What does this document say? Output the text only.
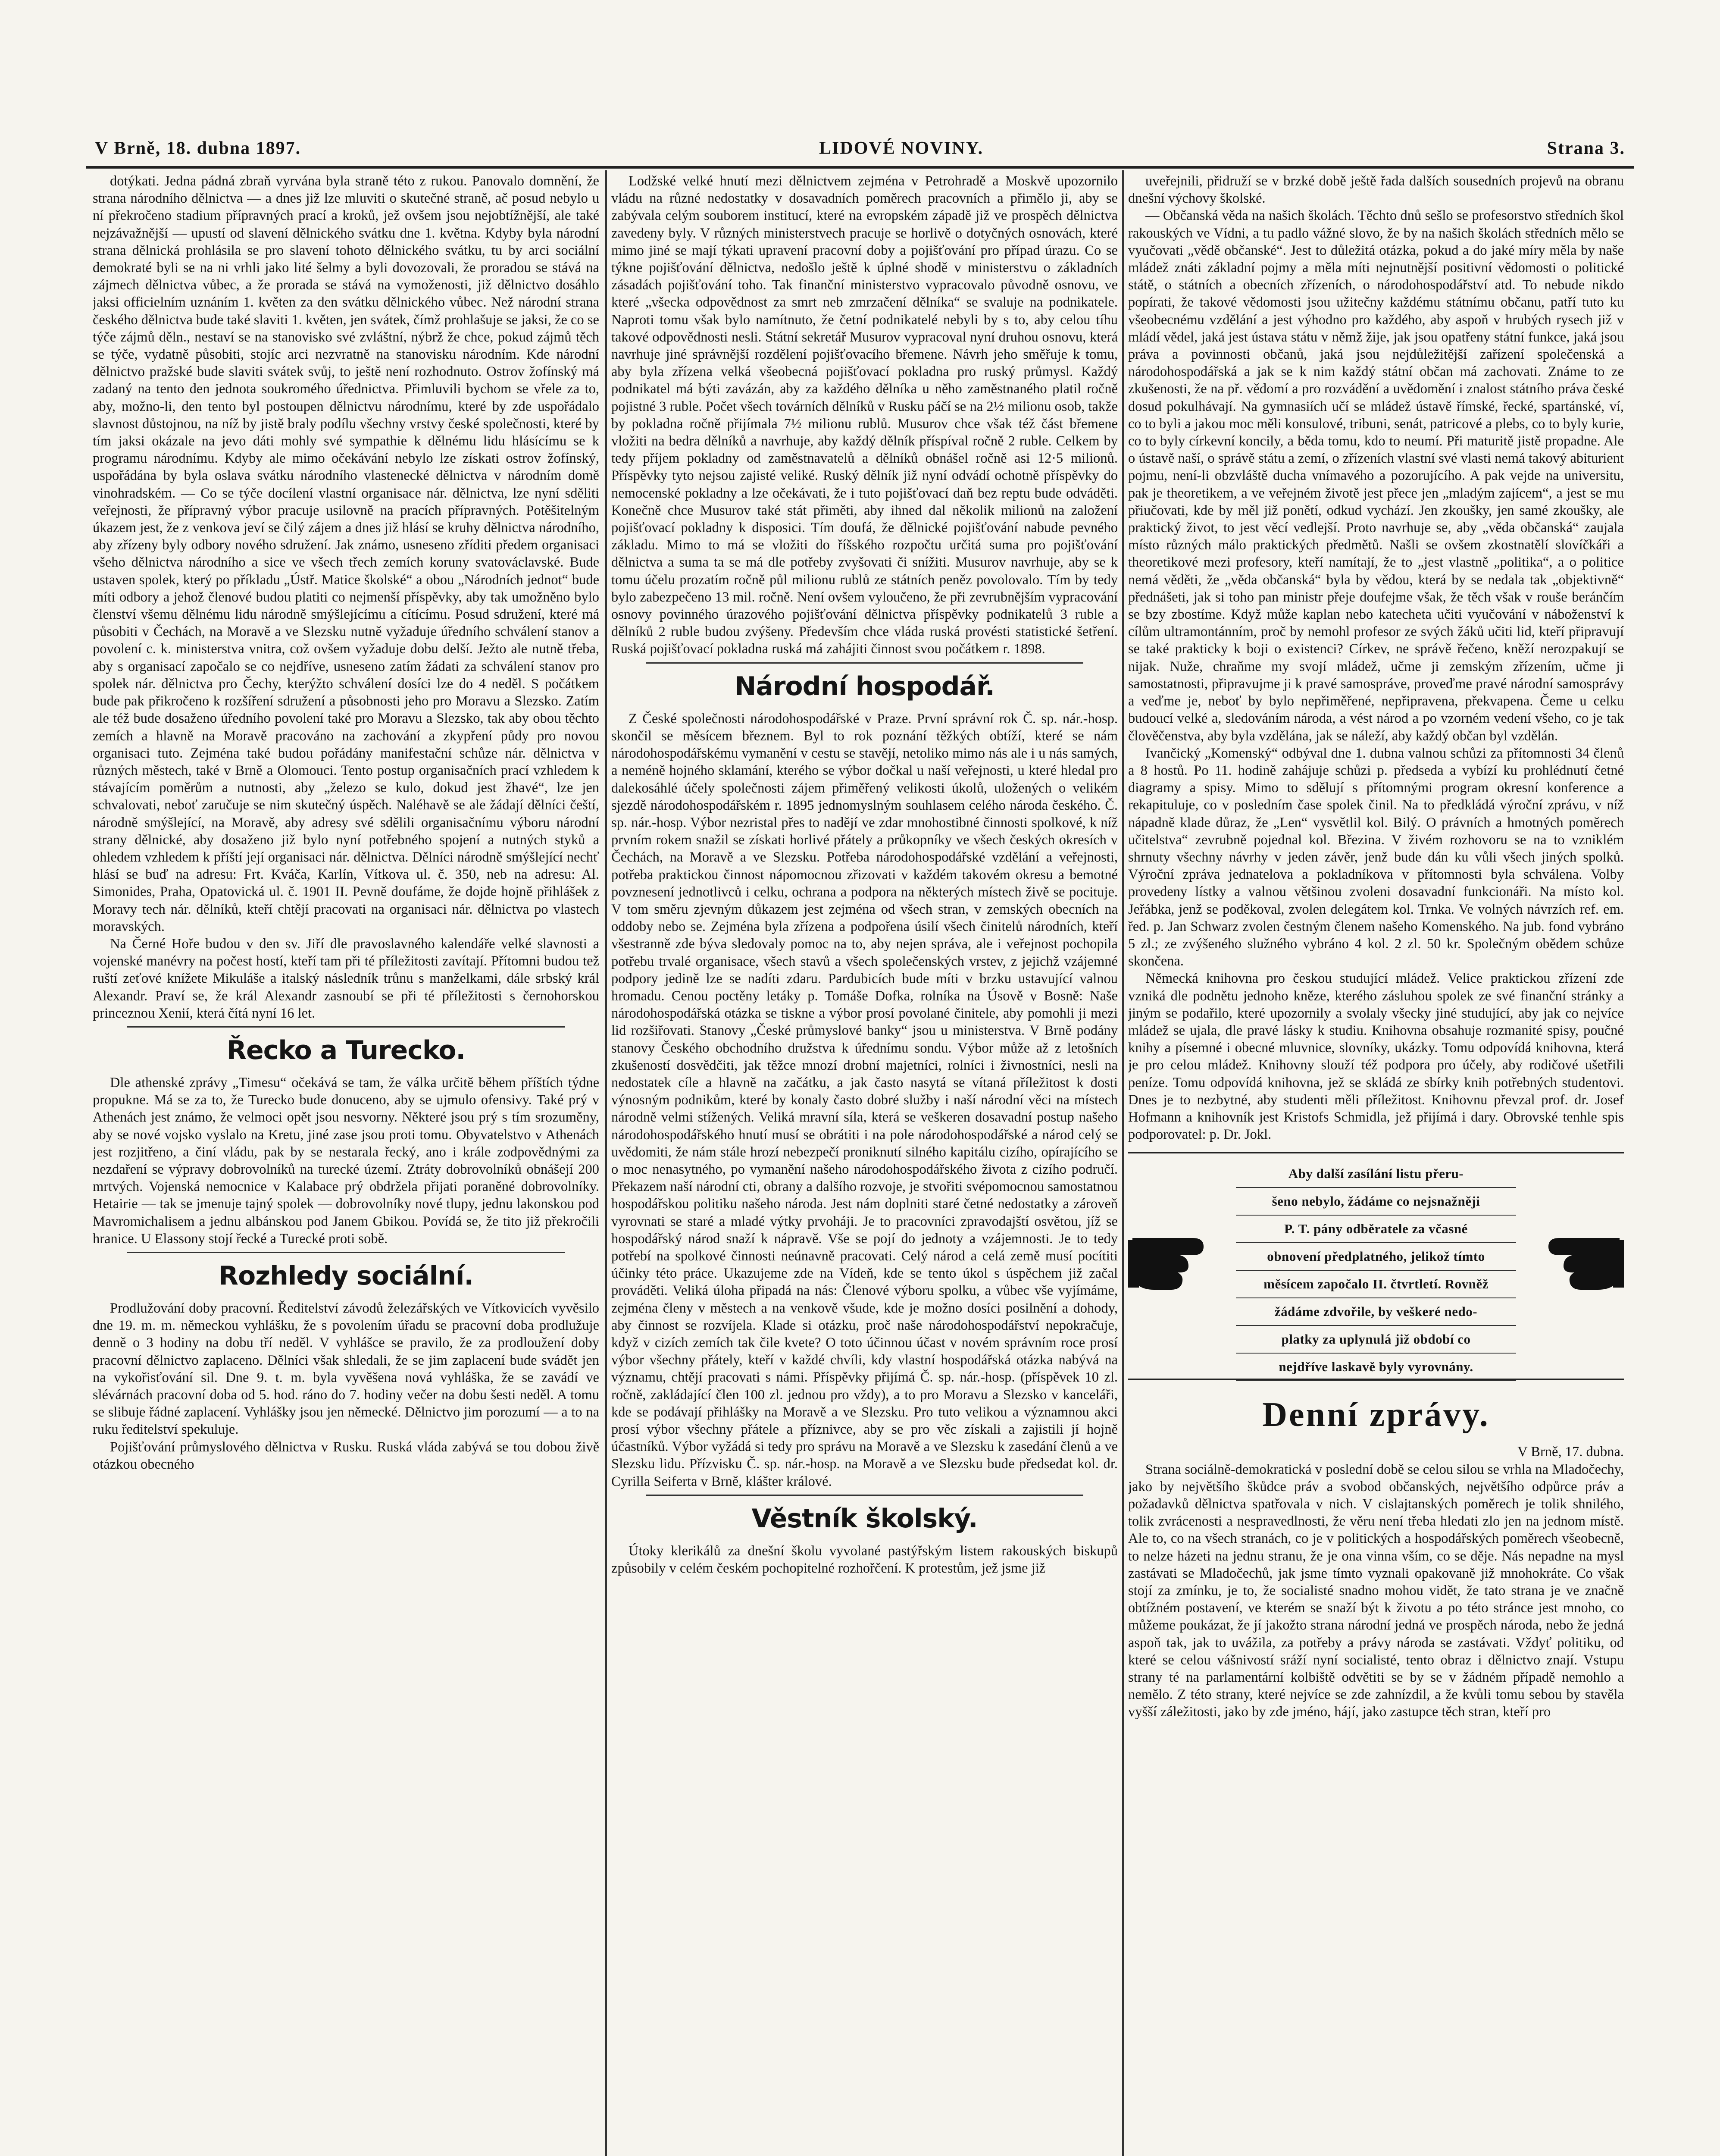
V Brně, 18. dubna 1897.	LIDOVÉ NOVINY.	Strana 3.

dotýkati. Jedna pádná zbraň vyrvána byla straně této z rukou. Panovalo domnění, že strana národního dělnictva — a dnes již lze mluviti o skutečné straně, ač posud nebylo u ní překročeno stadium přípravných prací a kroků, jež ovšem jsou nejobtížnější, ale také nejzávažnější — upustí od slavení dělnického svátku dne 1. května. Kdyby byla národní strana dělnická prohlásila se pro slavení tohoto dělnického svátku, tu by arci sociální demokraté byli se na ni vrhli jako lité šelmy a byli dovozovali, že proradou se stává na zájmech dělnictva vůbec, a že prorada se stává na vymoženosti, již dělnictvo dosáhlo jaksi officielním uznáním 1. květen za den svátku dělnického vůbec. Než národní strana českého dělnictva bude také slaviti 1. květen, jen svátek, čímž prohlašuje se jaksi, že co se týče zájmů děln., nestaví se na stanovisko své zvláštní, nýbrž že chce, pokud zájmů těch se týče, vydatně působiti, stojíc arci nezvratně na stanovisku národním. Kde národní dělnictvo pražské bude slaviti svátek svůj, to ještě není rozhodnuto. Ostrov žofínský má zadaný na tento den jednota soukromého úřednictva. Přimluvili bychom se vřele za to, aby, možno-li, den tento byl postoupen dělnictvu národnímu, které by zde uspořádalo slavnost důstojnou, na níž by jistě braly podílu všechny vrstvy české společnosti, které by tím jaksi okázale na jevo dáti mohly své sympathie k dělnému lidu hlásícímu se k programu národnímu. Kdyby ale mimo očekávání nebylo lze získati ostrov žofínský, uspořádána by byla oslava svátku národního vlastenecké dělnictva v národním domě vinohradském. — Co se týče docílení vlastní organisace nár. dělnictva, lze nyní sděliti veřejnosti, že přípravný výbor pracuje usilovně na pracích přípravných. Potěšitelným úkazem jest, že z venkova jeví se čilý zájem a dnes již hlásí se kruhy dělnictva národního, aby zřízeny byly odbory nového sdružení. Jak známo, usneseno zříditi předem organisaci všeho dělnictva národního a sice ve všech třech zemích koruny svatováclavské. Bude ustaven spolek, který po příkladu „Ústř. Matice školské“ a obou „Národních jednot“ bude míti odbory a jehož členové budou platiti co nejmenší příspěvky, aby tak umožněno bylo členství všemu dělnému lidu národně smýšlejícímu a cítícímu. Posud sdružení, které má působiti v Čechách, na Moravě a ve Slezsku nutně vyžaduje úředního schválení stanov a povolení c. k. ministerstva vnitra, což ovšem vyžaduje dobu delší. Ježto ale nutně třeba, aby s organisací započalo se co nejdříve, usneseno zatím žádati za schválení stanov pro spolek nár. dělnictva pro Čechy, kterýžto schválení dosíci lze do 4 neděl. S počátkem bude pak přikročeno k rozšíření sdružení a působnosti jeho pro Moravu a Slezsko. Zatím ale též bude dosaženo úředního povolení také pro Moravu a Slezsko, tak aby obou těchto zemích a hlavně na Moravě pracováno na zachování a zkypření půdy pro novou organisaci tuto. Zejména také budou pořádány manifestační schůze nár. dělnictva v různých městech, také v Brně a Olomouci. Tento postup organisačních prací vzhledem k stávajícím poměrům a nutnosti, aby „železo se kulo, dokud jest žhavé“, lze jen schvalovati, neboť zaručuje se nim skutečný úspěch. Naléhavě se ale žádají dělníci čeští, národně smýšlející, na Moravě, aby adresy své sdělili organisačnímu výboru národní strany dělnické, aby dosaženo již bylo nyní potřebného spojení a nutných styků a ohledem vzhledem k příští její organisaci nár. dělnictva. Dělníci národně smýšlející nechť hlásí se buď na adresu: Frt. Kváča, Karlín, Vítkova ul. č. 350, neb na adresu: Al. Simonides, Praha, Opatovická ul. č. 1901 II. Pevně doufáme, že dojde hojně přihlášek z Moravy tech nár. dělníků, kteří chtějí pracovati na organisaci nár. dělnictva po vlastech moravských.

Na Černé Hoře budou v den sv. Jiří dle pravoslavného kalendáře velké slavnosti a vojenské manévry na počest hostí, kteří tam při té příležitosti zavítají. Přítomni budou tež ruští zeťové knížete Mikuláše a italský následník trůnu s manželkami, dále srbský král Alexandr. Praví se, že král Alexandr zasnoubí se při té příležitosti s černohorskou princeznou Xenií, která čítá nyní 16 let.

Řecko a Turecko.

Dle athenské zprávy „Timesu“ očekává se tam, že válka určitě během příštích týdne propukne. Má se za to, že Turecko bude donuceno, aby se ujmulo ofensivy. Také prý v Athenách jest známo, že velmoci opět jsou nesvorny. Některé jsou prý s tím srozuměny, aby se nové vojsko vyslalo na Kretu, jiné zase jsou proti tomu. Obyvatelstvo v Athenách jest rozjitřeno, a činí vládu, pak by se nestarala řecký, ano i krále zodpovědnými za nezdaření se výpravy dobrovolníků na turecké území. Ztráty dobrovolníků obnášejí 200 mrtvých. Vojenská nemocnice v Kalabace prý obdržela přijati poraněné dobrovolníky. Hetairie — tak se jmenuje tajný spolek — dobrovolníky nové tlupy, jednu lakonskou pod Mavromichalisem a jednu albánskou pod Janem Gbikou. Povídá se, že tito již překročili hranice. U Elassony stojí řecké a Turecké proti sobě.

Rozhledy sociální.

Prodlužování doby pracovní. Ředitelství závodů železářských ve Vítkovicích vyvěsilo dne 19. m. m. německou vyhlášku, že s povolením úřadu se pracovní doba prodlužuje denně o 3 hodiny na dobu tří neděl. V vyhlášce se pravilo, že za prodloužení doby pracovní dělnictvo zaplaceno. Dělníci však shledali, že se jim zaplacení bude svádět jen na vykořisťování sil. Dne 9. t. m. byla vyvěšena nová vyhláška, že se zavádí ve slévárnách pracovní doba od 5. hod. ráno do 7. hodiny večer na dobu šesti neděl. A tomu se slibuje řádné zaplacení. Vyhlášky jsou jen německé. Dělnictvo jim porozumí — a to na ruku ředitelství spekuluje.

Pojišťování průmyslového dělnictva v Rusku. Ruská vláda zabývá se tou dobou živě otázkou obecného

Lodžské velké hnutí mezi dělnictvem zejména v Petrohradě a Moskvě upozornilo vládu na různé nedostatky v dosavadních poměrech pracovních a přimělo ji, aby se zabývala celým souborem institucí, které na evropském západě již ve prospěch dělnictva zavedeny byly. V různých ministerstvech pracuje se horlivě o dotyčných osnovách, které mimo jiné se mají týkati upravení pracovní doby a pojišťování pro případ úrazu. Co se týkne pojišťování dělnictva, nedošlo ještě k úplné shodě v ministerstvu o základních zásadách pojišťování toho. Tak finanční ministerstvo vypracovalo původně osnovu, ve které „všecka odpovědnost za smrt neb zmrzačení dělníka“ se svaluje na podnikatele. Naproti tomu však bylo namítnuto, že četní podnikatelé nebyli by s to, aby celou tíhu takové odpovědnosti nesli. Státní sekretář Musurov vypracoval nyní druhou osnovu, která navrhuje jiné správnější rozdělení pojišťovacího břemene. Návrh jeho směřuje k tomu, aby byla zřízena velká všeobecná pojišťovací pokladna pro ruský průmysl. Každý podnikatel má býti zavázán, aby za každého dělníka u něho zaměstnaného platil ročně pojistné 3 ruble. Počet všech továrních dělníků v Rusku páčí se na 2½ milionu osob, takže by pokladna ročně přijímala 7½ milionu rublů. Musurov chce však též část břemene vložiti na bedra dělníků a navrhuje, aby každý dělník příspíval ročně 2 ruble. Celkem by tedy příjem pokladny od zaměstnavatelů a dělníků obnášel ročně asi 12·5 milionů. Příspěvky tyto nejsou zajisté veliké. Ruský dělník již nyní odvádí ochotně příspěvky do nemocenské pokladny a lze očekávati, že i tuto pojišťovací daň bez reptu bude odváděti. Konečně chce Musurov také stát přiměti, aby ihned dal několik milionů na založení pojišťovací pokladny k disposici. Tím doufá, že dělnické pojišťování nabude pevného základu. Mimo to má se vložiti do říšského rozpočtu určitá suma pro pojišťování dělnictva a suma ta se má dle potřeby zvyšovati či snížiti. Musurov navrhuje, aby se k tomu účelu prozatím ročně půl milionu rublů ze státních peněz povolovalo. Tím by tedy bylo zabezpečeno 13 mil. ročně. Není ovšem vyloučeno, že při zevrubnějším vypracování osnovy povinného úrazového pojišťování dělnictva příspěvky podnikatelů 3 ruble a dělníků 2 ruble budou zvýšeny. Především chce vláda ruská provésti statistické šetření. Ruská pojišťovací pokladna ruská má zahájiti činnost svou počátkem r. 1898.

Národní hospodář.

Z České společnosti národohospodářské v Praze. První správní rok Č. sp. nár.-hosp. skončil se měsícem březnem. Byl to rok poznání těžkých obtíží, které se nám národohospodářskému vymanění v cestu se stavějí, netoliko mimo nás ale i u nás samých, a neméně hojného sklamání, kterého se výbor dočkal u naší veřejnosti, u které hledal pro dalekosáhlé účely společnosti zájem přiměřený velikosti úkolů, uložených o velikém sjezdě národohospodářském r. 1895 jednomyslným souhlasem celého národa českého. Č. sp. nár.-hosp. Výbor nezristal přes to nadějí ve zdar mnohostibné činnosti spolkové, k níž prvním rokem snažil se získati horlivé přátely a průkopníky ve všech českých okresích v Čechách, na Moravě a ve Slezsku. Potřeba národohospodářské vzdělání a veřejnosti, potřeba praktickou činnost nápomocnou zřizovati v každém takovém okresu a bemotné povznesení jednotlivců i celku, ochrana a podpora na některých místech živě se pocituje. V tom směru zjevným důkazem jest zejména od všech stran, v zemských obecních na oddoby nebo se. Zejména byla zřízena a podpořena úsilí všech činitelů národních, kteří všestranně zde býva sledovaly pomoc na to, aby nejen správa, ale i veřejnost pochopila potřebu trvalé organisace, všech stavů a všech společenských vrstev, z jejichž vzájemné podpory jedině lze se nadíti zdaru. Pardubicích bude míti v brzku ustavující valnou hromadu. Cenou poctěny letáky p. Tomáše Dofka, rolníka na Úsově v Bosně: Naše národohospodářská otázka se tiskne a výbor prosí povolané činitele, aby pomohli ji mezi lid rozšiřovati. Stanovy „České průmyslové banky“ jsou u ministerstva. V Brně podány stanovy Českého obchodního družstva k úřednímu sondu. Výbor může až z letošních zkušeností dosvědčiti, jak těžce mnozí drobní majetníci, rolníci i živnostníci, nesli na nedostatek cíle a hlavně na začátku, a jak často nasytá se vítaná příležitost k dosti výnosným podnikům, které by konaly často dobré služby i naší národní věci na místech národně velmi stížených. Veliká mravní síla, která se veškeren dosavadní postup našeho národohospodářského hnutí musí se obrátiti i na pole národohospodářské a národ celý se uvědomiti, že nám stále hrozí nebezpečí proniknutí silného kapitálu cizího, opírajícího se o moc nenasytného, po vymanění našeho národohospodářského života z cizího područí. Překazem naší národní cti, obrany a dalšího rozvoje, je stvořiti svépomocnou samostatnou hospodářskou politiku našeho národa. Jest nám doplniti staré četné nedostatky a zároveň vyrovnati se staré a mladé výtky prvoháji. Je to pracovníci zpravodajští osvětou, jíž se hospodářský národ snaží k nápravě. Vše se pojí do jednoty a vzájemnosti. Je to tedy potřebí na spolkové činnosti neúnavně pracovati. Celý národ a celá země musí pocítiti účinky této práce. Ukazujeme zde na Vídeň, kde se tento úkol s úspěchem již začal prováděti. Veliká úloha připadá na nás: Členové výboru spolku, a vůbec vše vyjímáme, zejména členy v městech a na venkově všude, kde je možno dosíci posilnění a dohody, aby činnost se rozvíjela. Klade si otázku, proč naše národohospodářství nepokračuje, když v cizích zemích tak čile kvete? O toto účinnou účast v novém správním roce prosí výbor všechny přátely, kteří v každé chvíli, kdy vlastní hospodářská otázka nabývá na významu, chtějí pracovati s námi. Příspěvky přijímá Č. sp. nár.-hosp. (příspěvek 10 zl. ročně, zakládající člen 100 zl. jednou pro vždy), a to pro Moravu a Slezsko v kanceláři, kde se podávají přihlášky na Moravě a ve Slezsku. Pro tuto velikou a významnou akci prosí výbor všechny přátele a příznivce, aby se pro věc získali a zajistili jí hojně účastníků. Výbor vyžádá si tedy pro správu na Moravě a ve Slezsku k zasedání členů a ve Slezsku lidu. Přízvisku Č. sp. nár.-hosp. na Moravě a ve Slezsku bude předsedat kol. dr. Cyrilla Seiferta v Brně, klášter králové.

Věstník školský.

Útoky klerikálů za dnešní školu vyvolané pastýřským listem rakouských biskupů způsobily v celém českém pochopitelné rozhořčení. K protestům, jež jsme již

uveřejnili, přidruží se v brzké době ještě řada dalších sousedních projevů na obranu dnešní výchovy školské.

— Občanská věda na našich školách. Těchto dnů sešlo se profesorstvo středních škol rakouských ve Vídni, a tu padlo vážné slovo, že by na našich školách středních mělo se vyučovati „vědě občanské“. Jest to důležitá otázka, pokud a do jaké míry měla by naše mládež znáti základní pojmy a měla míti nejnutnější positivní vědomosti o politické státě, o státních a obecních zřízeních, o národohospodářství atd. To nebude nikdo popírati, že takové vědomosti jsou užitečny každému státnímu občanu, patří tuto ku všeobecnému vzdělání a jest výhodno pro každého, aby aspoň v hrubých rysech již v mládí vědel, jaká jest ústava státu v němž žije, jak jsou opatřeny státní funkce, jaká jsou práva a povinnosti občanů, jaká jsou nejdůležitější zařízení společenská a národohospodářská a jak se k nim každý státní občan má zachovati. Známe to ze zkušenosti, že na př. vědomí a pro rozvádění a uvědomění i znalost státního práva české dosud pokulhávají. Na gymnasiích učí se mládež ústavě římské, řecké, spartánské, ví, co to byli a jakou moc měli konsulové, tribuni, senát, patricové a plebs, co to byly kurie, co to byly církevní koncily, a běda tomu, kdo to neumí. Při maturitě jistě propadne. Ale o ústavě naší, o správě státu a zemí, o zřízeních vlastní své vlasti nemá takový abiturient pojmu, není-li obzvláště ducha vnímavého a pozorujícího. A pak vejde na universitu, pak je theoretikem, a ve veřejném životě jest přece jen „mladým zajícem“, a jest se mu přiučovati, kde by měl již ponětí, odkud vychází. Jen zkoušky, jen samé zkoušky, ale praktický život, to jest věcí vedlejší. Proto navrhuje se, aby „věda občanská“ zaujala místo různých málo praktických předmětů. Našli se ovšem zkostnatělí slovíčkáři a theoretikové mezi profesory, kteří namítají, že to „jest vlastně „politika“, a o politice nemá věděti, že „věda občanská“ byla by vědou, která by se nedala tak „objektivně“ přednášeti, jak si toho pan ministr přeje doufejme však, že těch však v rouše beránčím se bzy zbostíme. Když může kaplan nebo katecheta učiti vyučování v náboženství k cílům ultramontánním, proč by nemohl profesor ze svých žáků učiti lid, kteří připravují se také prakticky k boji o existenci? Církev, ne správě řečeno, kněží nerozpakují se nijak. Nuže, chraňme my svojí mládež, učme ji zemským zřízením, učme ji samostatnosti, připravujme ji k pravé samospráve, proveďme pravé národní samosprávy a veďme je, neboť by bylo nepřiměřené, nepřipravena, překvapena. Čeme u celku budoucí velké a, sledováním národa, a vést národ a po vzorném vedení všeho, co je tak člověčenstva, aby byla vzdělána, jak se náleží, aby každý občan byl vzdělán.

Ivančický „Komenský“ odbýval dne 1. dubna valnou schůzi za přítomnosti 34 členů a 8 hostů. Po 11. hodině zahájuje schůzi p. předseda a vybízí ku prohlédnutí četné diagramy a spisy. Mimo to sdělují s přítomnými program okresní konference a rekapituluje, co v posledním čase spolek činil. Na to předkládá výroční zprávu, v níž nápadně klade důraz, že „Len“ vysvětlil kol. Bilý. O právních a hmotných poměrech učitelstva“ zevrubně pojednal kol. Březina. V živém rozhovoru se na to vzniklém shrnuty všechny návrhy v jeden závěr, jenž bude dán ku vůli všech jiných spolků. Výroční zpráva jednatelova a pokladníkova v přítomnosti byla schválena. Volby provedeny lístky a valnou většinou zvoleni dosavadní funkcionáři. Na místo kol. Jeřábka, jenž se poděkoval, zvolen delegátem kol. Trnka. Ve volných návrzích ref. em. řed. p. Jan Schwarz zvolen čestným členem našeho Komenského. Na jub. fond vybráno 5 zl.; ze zvýšeného služného vybráno 4 kol. 2 zl. 50 kr. Společným obědem schůze skončena.

Německá knihovna pro českou studující mládež. Velice praktickou zřízení zde vzniká dle podnětu jednoho kněze, kterého zásluhou spolek ze své finanční stránky a jiným se podařilo, které upozornily a svolaly všecky jiné studující, aby jak co nejvíce mládež se ujala, dle pravé lásky k studiu. Knihovna obsahuje rozmanité spisy, poučné knihy a písemné i obecné mluvnice, slovníky, ukázky. Tomu odpovídá knihovna, která je pro celou mládež. Knihovny slouží též podpora pro účely, aby rodičové ušetřili peníze. Tomu odpovídá knihovna, jež se skládá ze sbírky knih potřebných studentovi. Dnes je to nezbytné, aby studenti měli příležitost. Knihovnu převzal prof. dr. Josef Hofmann a knihovník jest Kristofs Schmidla, jež přijímá i dary. Obrovské tenhle spis podporovatel: p. Dr. Jokl.

Aby další zasílání listu přeru-
šeno nebylo, žádáme co nejsnažněji
P. T. pány odběratele za včasné
obnovení předplatného, jelikož tímto
měsícem započalo II. čtvrtletí. Rovněž
žádáme zdvořile, by veškeré nedo-
platky za uplynulá již období co
nejdříve laskavě byly vyrovnány.
Denní zprávy.

V Brně, 17. dubna.

Strana sociálně-demokratická v poslední době se celou silou se vrhla na Mladočechy, jako by největšího škůdce práv a svobod občanských, největšího odpůrce práv a požadavků dělnictva spatřovala v nich. V cislajtanských poměrech je tolik shnilého, tolik zvrácenosti a nespravedlnosti, že věru není třeba hledati zlo jen na jednom místě. Ale to, co na všech stranách, co je v politických a hospodářských poměrech všeobecně, to nelze házeti na jednu stranu, že je ona vinna vším, co se děje. Nás nepadne na mysl zastávati se Mladočechů, jak jsme tímto vyznali opakovaně již mnohokráte. Co však stojí za zmínku, je to, že socialisté snadno mohou vidět, že tato strana je ve značně obtížném postavení, ve kterém se snaží být k životu a po této stránce jest mnoho, co můžeme poukázat, že jí jakožto strana národní jedná ve prospěch národa, nebo že jedná aspoň tak, jak to uvážila, za potřeby a právy národa se zastávati. Vždyť politiku, od které se celou vášnivostí sráží nyní socialisté, tento obraz i dělnictvo znají. Vstupu strany té na parlamentární kolbiště odvětiti se by se v žádném případě nemohlo a nemělo. Z této strany, které nejvíce se zde zahnízdil, a že kvůli tomu sebou by stavěla vyšší záležitosti, jako by zde jméno, hájí, jako zastupce těch stran, kteří pro
